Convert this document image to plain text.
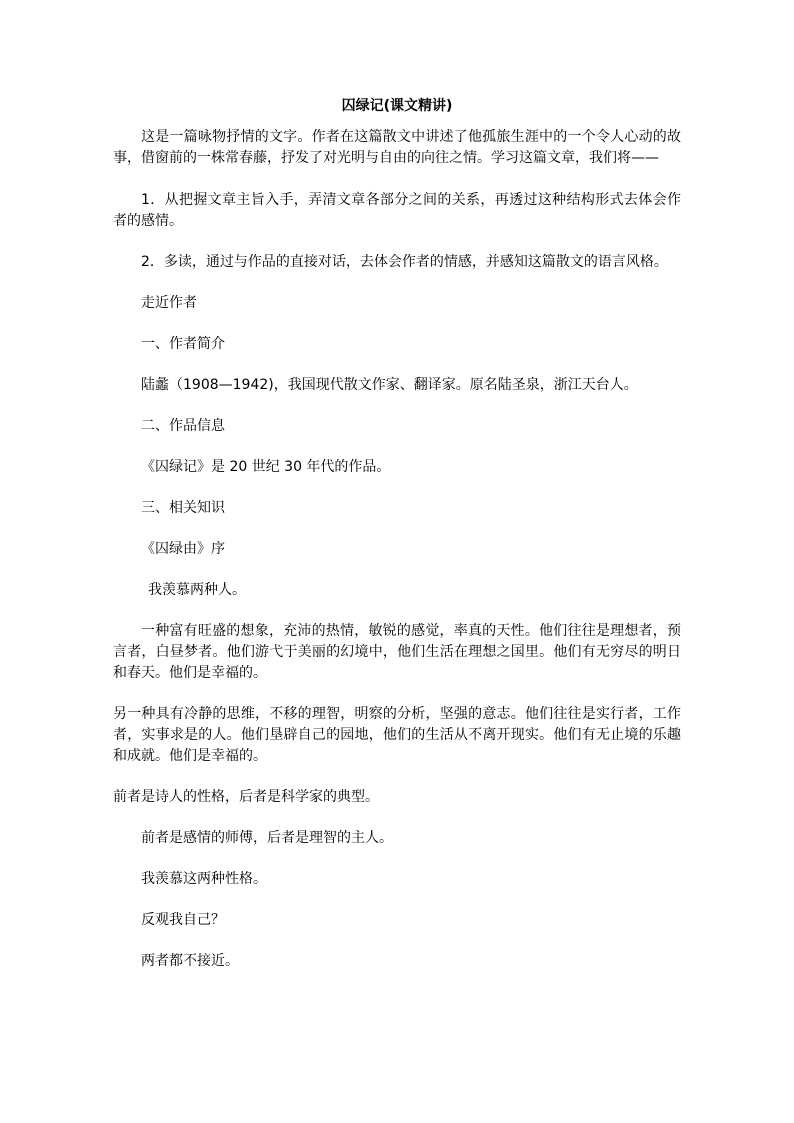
囚绿记(课文精讲)

这是一篇咏物抒情的文字。作者在这篇散文中讲述了他孤旅生涯中的一个令人心动的故事，借窗前的一株常春藤，抒发了对光明与自由的向往之情。学习这篇文章，我们将——

1．从把握文章主旨入手，弄清文章各部分之间的关系，再透过这种结构形式去体会作者的感情。

2．多读，通过与作品的直接对话，去体会作者的情感，并感知这篇散文的语言风格。

走近作者

一、作者简介

陆蠡（1908—1942)，我国现代散文作家、翻译家。原名陆圣泉，浙江天台人。

二、作品信息

《囚绿记》是 20 世纪 30 年代的作品。

三、相关知识

《囚绿由》序

我羡慕两种人。

一种富有旺盛的想象，充沛的热情，敏锐的感觉，率真的天性。他们往往是理想者，预言者，白昼梦者。他们游弋于美丽的幻境中，他们生活在理想之国里。他们有无穷尽的明日和春天。他们是幸福的。

另一种具有冷静的思维，不移的理智，明察的分析，坚强的意志。他们往往是实行者，工作者，实事求是的人。他们垦辟自己的园地，他们的生活从不离开现实。他们有无止境的乐趣和成就。他们是幸福的。

前者是诗人的性格，后者是科学家的典型。

前者是感情的师傅，后者是理智的主人。

我羡慕这两种性格。

反观我自己？

两者都不接近。
